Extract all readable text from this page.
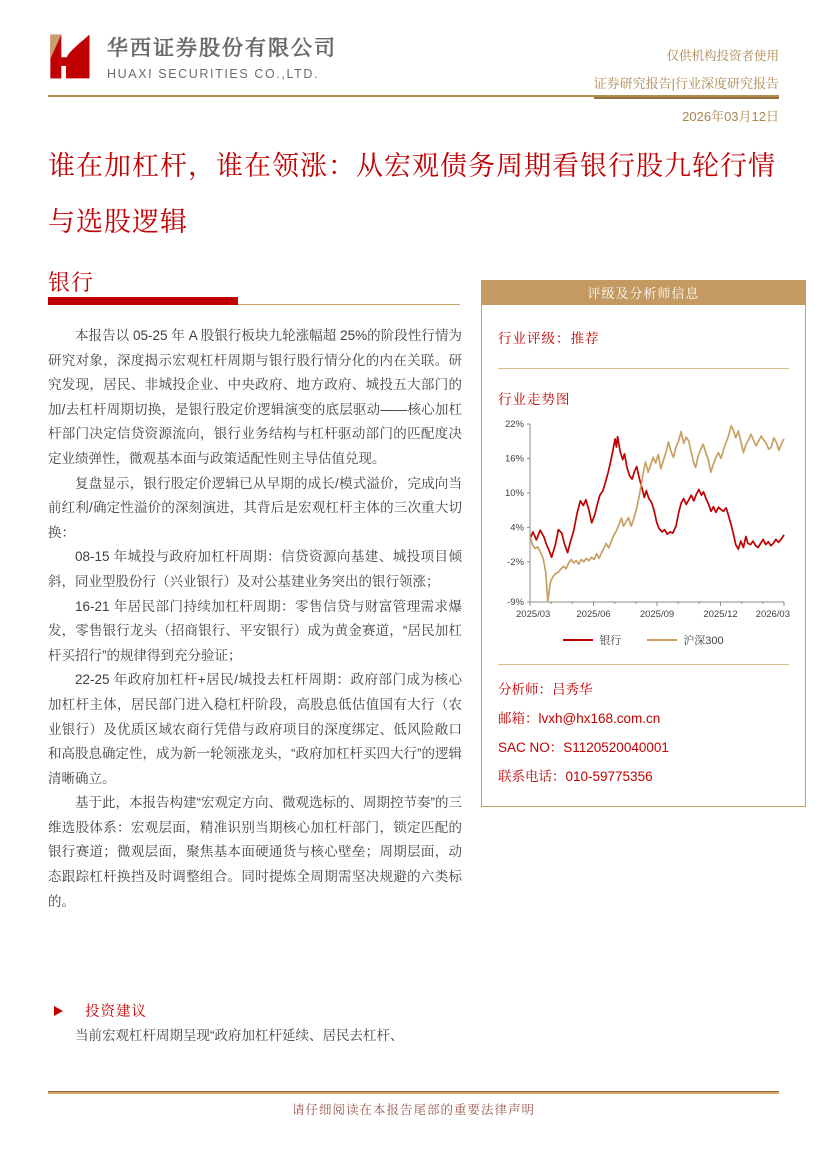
华西证券股份有限公司
HUAXI SECURITIES CO.,LTD.
仅供机构投资者使用
证券研究报告|行业深度研究报告
2026年03月12日
谁在加杠杆，谁在领涨：从宏观债务周期看银行股九轮行情与选股逻辑
银行

本报告以 05-25 年 A 股银行板块九轮涨幅超 25%的阶段性行情为研究对象，深度揭示宏观杠杆周期与银行股行情分化的内在关联。研究发现，居民、非城投企业、中央政府、地方政府、城投五大部门的加/去杠杆周期切换，是银行股定价逻辑演变的底层驱动——核心加杠杆部门决定信贷资源流向，银行业务结构与杠杆驱动部门的匹配度决定业绩弹性，微观基本面与政策适配性则主导估值兑现。

复盘显示，银行股定价逻辑已从早期的成长/模式溢价，完成向当前红利/确定性溢价的深刻演进，其背后是宏观杠杆主体的三次重大切换：

08-15 年城投与政府加杠杆周期：信贷资源向基建、城投项目倾斜，同业型股份行（兴业银行）及对公基建业务突出的银行领涨；

16-21 年居民部门持续加杠杆周期：零售信贷与财富管理需求爆发，零售银行龙头（招商银行、平安银行）成为黄金赛道，“居民加杠杆买招行”的规律得到充分验证；

22-25 年政府加杠杆+居民/城投去杠杆周期：政府部门成为核心加杠杆主体，居民部门进入稳杠杆阶段，高股息低估值国有大行（农业银行）及优质区域农商行凭借与政府项目的深度绑定、低风险敞口和高股息确定性，成为新一轮领涨龙头，“政府加杠杆买四大行”的逻辑清晰确立。

基于此，本报告构建“宏观定方向、微观选标的、周期控节奏”的三维选股体系：宏观层面，精准识别当期核心加杠杆部门，锁定匹配的银行赛道；微观层面，聚焦基本面硬通货与核心壁垒；周期层面，动态跟踪杠杆换挡及时调整组合。同时提炼全周期需坚决规避的六类标的。

投资建议
当前宏观杠杆周期呈现“政府加杠杆延续、居民去杠杆、
评级及分析师信息
行业评级：推荐
行业走势图
22%
16%
10%
4%
-2%
-9%
2025/03	2025/06	2025/09	2025/12 2026/03
银行	沪深300
分析师：吕秀华
邮箱：lvxh@hx168.com.cn
SAC NO：S1120520040001
联系电话：010-59775356
请仔细阅读在本报告尾部的重要法律声明
